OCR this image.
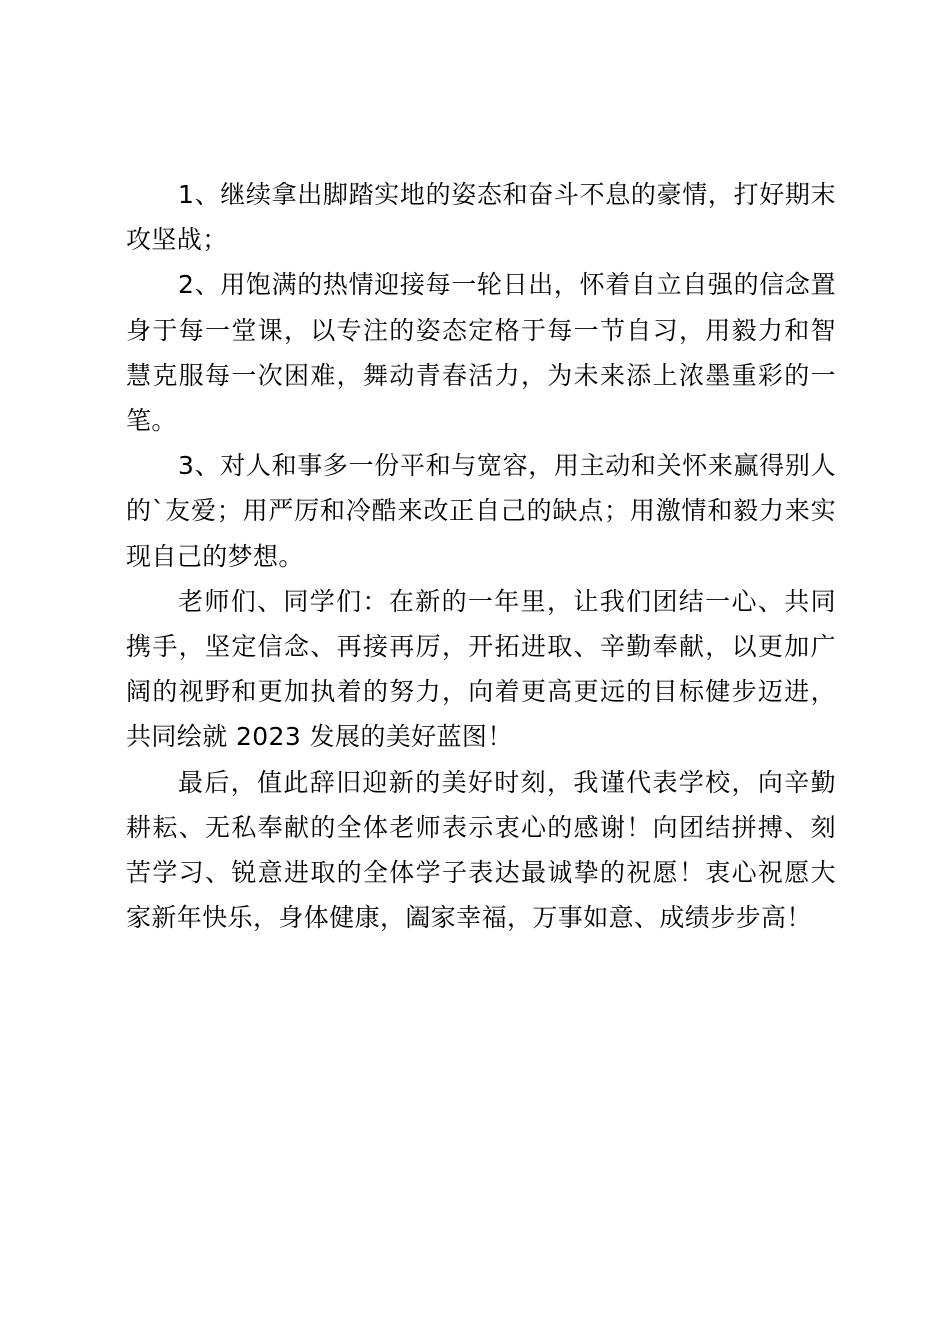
1、继续拿出脚踏实地的姿态和奋斗不息的豪情，打好期末攻坚战；

2、用饱满的热情迎接每一轮日出，怀着自立自强的信念置身于每一堂课，以专注的姿态定格于每一节自习，用毅力和智慧克服每一次困难，舞动青春活力，为未来添上浓墨重彩的一笔。

3、对人和事多一份平和与宽容，用主动和关怀来赢得别人的`友爱；用严厉和冷酷来改正自己的缺点；用激情和毅力来实现自己的梦想。

老师们、同学们：在新的一年里，让我们团结一心、共同携手，坚定信念、再接再厉，开拓进取、辛勤奉献，以更加广阔的视野和更加执着的努力，向着更高更远的目标健步迈进，共同绘就 2023 发展的美好蓝图！

最后，值此辞旧迎新的美好时刻，我谨代表学校，向辛勤耕耘、无私奉献的全体老师表示衷心的感谢！向团结拼搏、刻苦学习、锐意进取的全体学子表达最诚挚的祝愿！衷心祝愿大家新年快乐，身体健康，阖家幸福，万事如意、成绩步步高！
